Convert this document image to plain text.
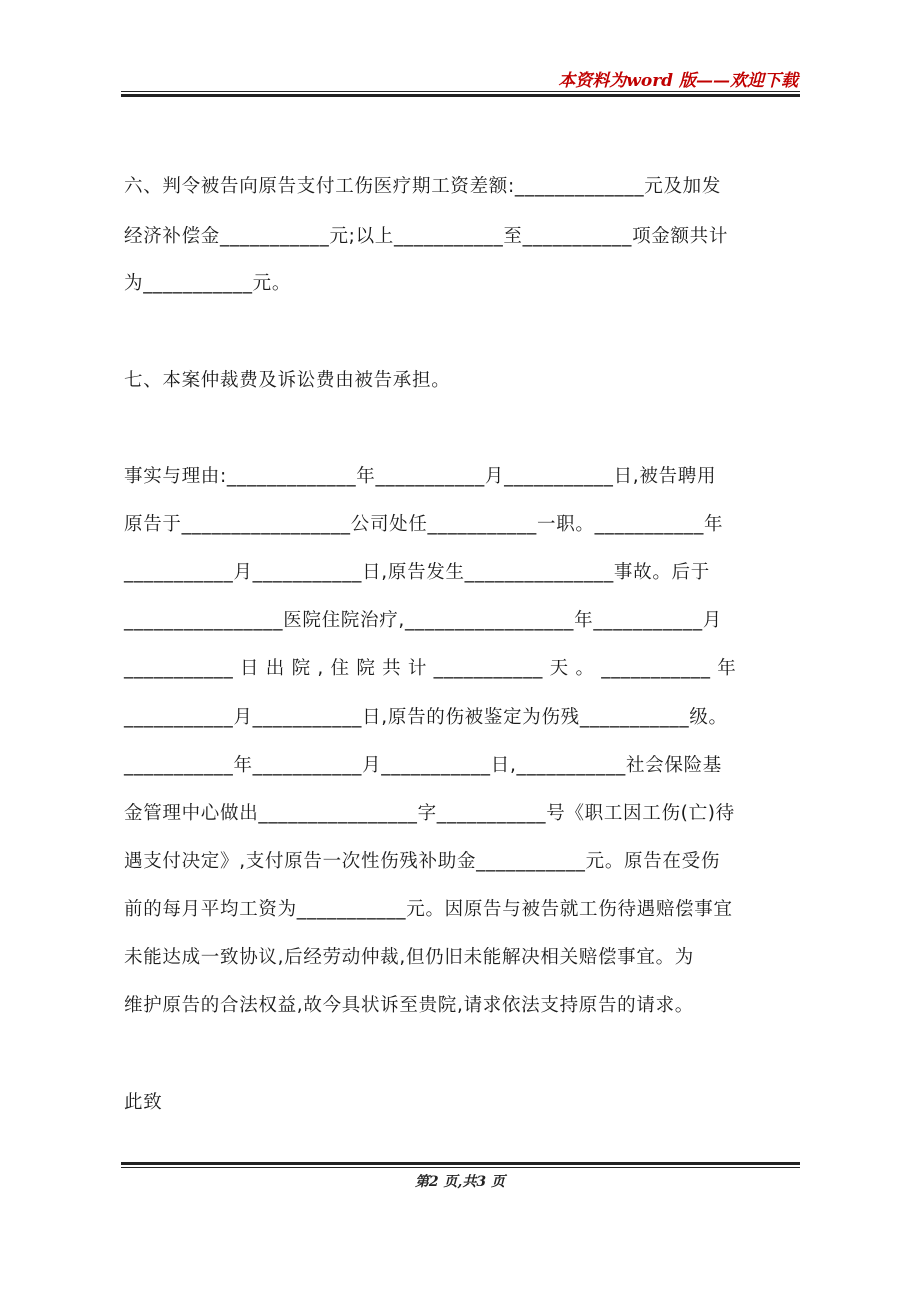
本资料为word 版——欢迎下载
六、判令被告向原告支付工伤医疗期工资差额:_____________元及加发
经济补偿金___________元;以上___________至___________项金额共计
为___________元。
七、本案仲裁费及诉讼费由被告承担。
事实与理由:_____________年___________月___________日,被告聘用
原告于_________________公司处任___________一职。___________年
___________月___________日,原告发生_______________事故。后于
________________医院住院治疗,_________________年___________月
___________ 日 出 院 , 住 院 共 计 ___________ 天 。 ___________ 年
___________月___________日,原告的伤被鉴定为伤残___________级。
___________年___________月___________日,___________社会保险基
金管理中心做出________________字___________号《职工因工伤(亡)待
遇支付决定》,支付原告一次性伤残补助金___________元。原告在受伤
前的每月平均工资为___________元。因原告与被告就工伤待遇赔偿事宜
未能达成一致协议,后经劳动仲裁,但仍旧未能解决相关赔偿事宜。为
维护原告的合法权益,故今具状诉至贵院,请求依法支持原告的请求。
此致
第2 页,共3 页
